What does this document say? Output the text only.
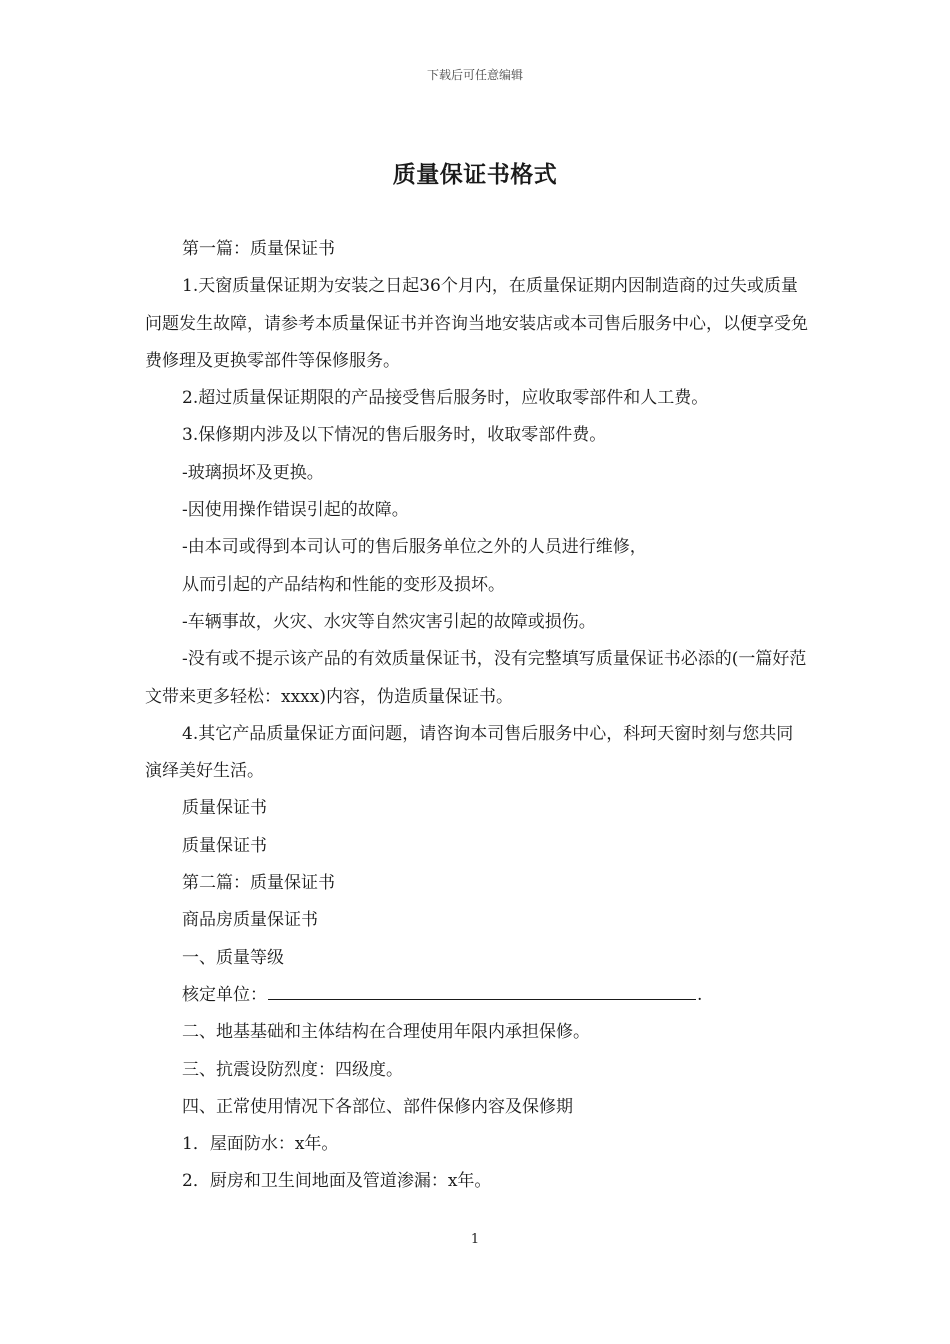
下载后可任意编辑
质量保证书格式

第一篇：质量保证书

1.天窗质量保证期为安装之日起36个月内，在质量保证期内因制造商的过失或质量问题发生故障，请参考本质量保证书并咨询当地安装店或本司售后服务中心，以便享受免费修理及更换零部件等保修服务。

2.超过质量保证期限的产品接受售后服务时，应收取零部件和人工费。

3.保修期内涉及以下情况的售后服务时，收取零部件费。

-玻璃损坏及更换。

-因使用操作错误引起的故障。

-由本司或得到本司认可的售后服务单位之外的人员进行维修，

从而引起的产品结构和性能的变形及损坏。

-车辆事故，火灾、水灾等自然灾害引起的故障或损伤。

-没有或不提示该产品的有效质量保证书，没有完整填写质量保证书必添的(一篇好范文带来更多轻松：xxxx)内容，伪造质量保证书。

4.其它产品质量保证方面问题，请咨询本司售后服务中心，科珂天窗时刻与您共同演绎美好生活。

质量保证书

质量保证书

第二篇：质量保证书

商品房质量保证书

一、质量等级

核定单位：	.

二、地基基础和主体结构在合理使用年限内承担保修。

三、抗震设防烈度：四级度。

四、正常使用情况下各部位、部件保修内容及保修期

1．屋面防水：x年。

2．厨房和卫生间地面及管道渗漏：x年。

1
